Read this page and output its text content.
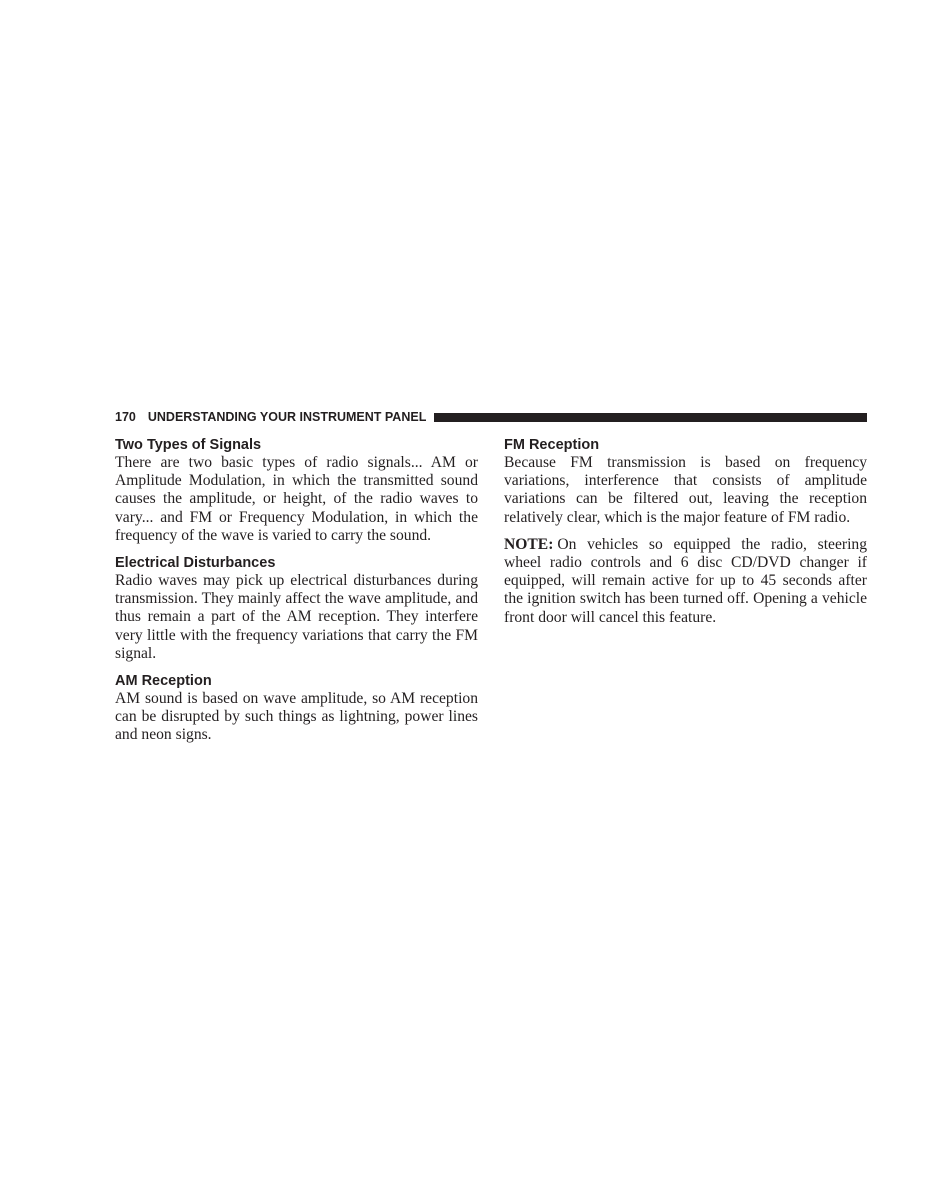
170 UNDERSTANDING YOUR INSTRUMENT PANEL
Two Types of Signals

There are two basic types of radio signals... AM or Amplitude Modulation, in which the transmitted sound causes the amplitude, or height, of the radio waves to vary... and FM or Frequency Modulation, in which the frequency of the wave is varied to carry the sound.

Electrical Disturbances

Radio waves may pick up electrical disturbances during transmission. They mainly affect the wave amplitude, and thus remain a part of the AM reception. They interfere very little with the frequency variations that carry the FM signal.

AM Reception

AM sound is based on wave amplitude, so AM reception can be disrupted by such things as lightning, power lines and neon signs.

FM Reception

Because FM transmission is based on frequency variations, interference that consists of amplitude variations can be filtered out, leaving the reception relatively clear, which is the major feature of FM radio.

NOTE: On vehicles so equipped the radio, steering wheel radio controls and 6 disc CD/DVD changer if equipped, will remain active for up to 45 seconds after the ignition switch has been turned off. Opening a vehicle front door will cancel this feature.
